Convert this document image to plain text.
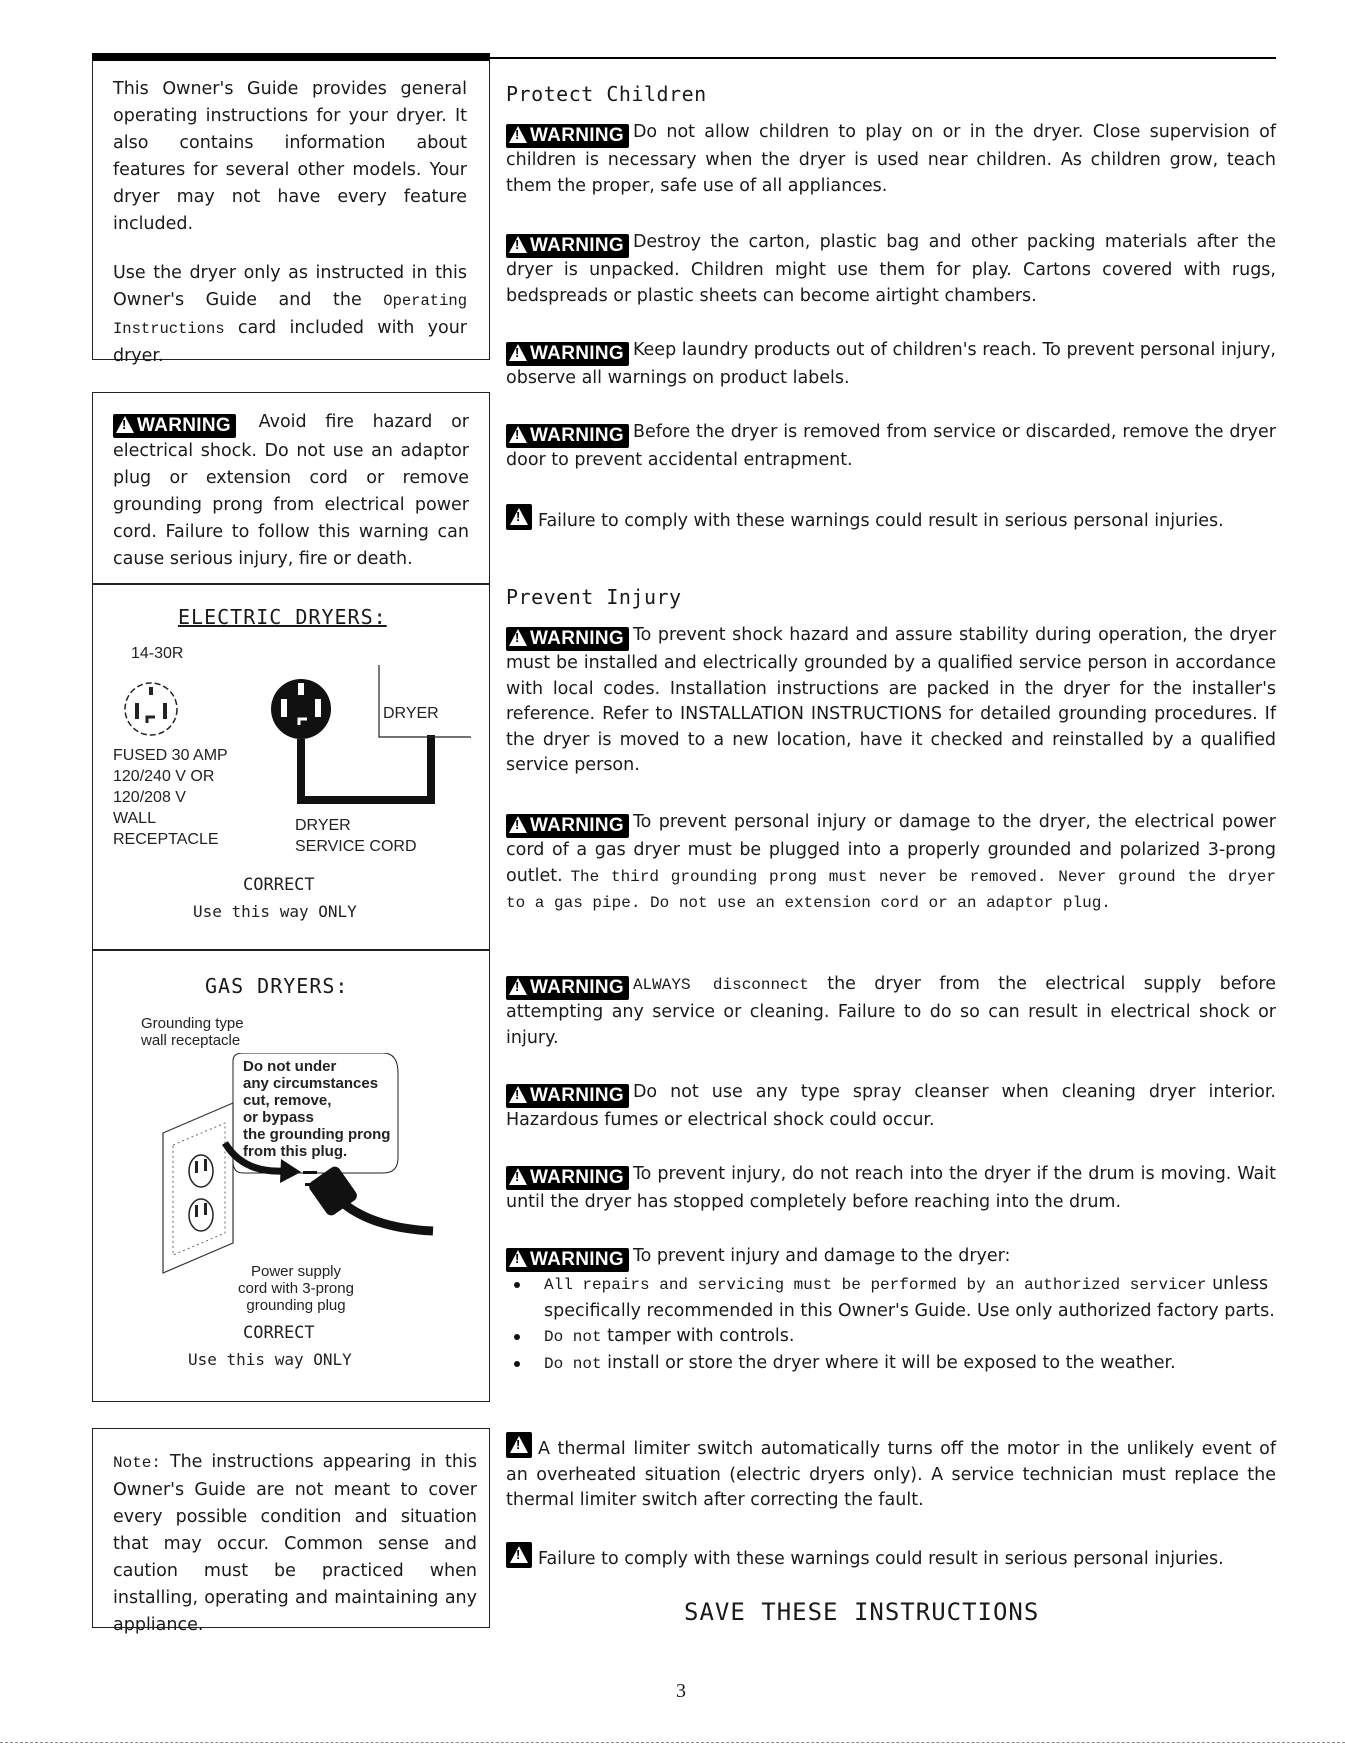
This Owner's Guide provides general operating instructions for your dryer. It also contains information about features for several other models. Your dryer may not have every feature included.

Use the dryer only as instructed in this Owner's Guide and the Operating Instructions card included with your dryer.

!WARNING Avoid fire hazard or electrical shock. Do not use an adaptor plug or extension cord or remove grounding prong from electrical power cord. Failure to follow this warning can cause serious injury, fire or death.

ELECTRIC DRYERS:
14-30R
DRYER
FUSED 30 AMP
120/240 V OR
120/208 V
WALL
RECEPTACLE
DRYER
SERVICE CORD
CORRECT
Use this way ONLY
GAS DRYERS:
Grounding type
wall receptacle
Do not under
any circumstances
cut, remove,
or bypass
the grounding prong
from this plug.
Power supply
cord with 3-prong
grounding plug
CORRECT
Use this way ONLY

Note: The instructions appearing in this Owner's Guide are not meant to cover every possible condition and situation that may occur. Common sense and caution must be practiced when installing, operating and maintaining any appliance.

Protect Children

!WARNING Do not allow children to play on or in the dryer. Close supervision of children is necessary when the dryer is used near children. As children grow, teach them the proper, safe use of all appliances.

!WARNING Destroy the carton, plastic bag and other packing materials after the dryer is unpacked. Children might use them for play. Cartons covered with rugs, bedspreads or plastic sheets can become airtight chambers.

!WARNING Keep laundry products out of children's reach. To prevent personal injury, observe all warnings on product labels.

!WARNING Before the dryer is removed from service or discarded, remove the dryer door to prevent accidental entrapment.

!
Failure to comply with these warnings could result in serious personal injuries.

Prevent Injury

!WARNING To prevent shock hazard and assure stability during operation, the dryer must be installed and electrically grounded by a qualified service person in accordance with local codes. Installation instructions are packed in the dryer for the installer's reference. Refer to INSTALLATION INSTRUCTIONS for detailed grounding procedures. If the dryer is moved to a new location, have it checked and reinstalled by a qualified service person.

!WARNING To prevent personal injury or damage to the dryer, the electrical power cord of a gas dryer must be plugged into a properly grounded and polarized 3-prong outlet. The third grounding prong must never be removed. Never ground the dryer to a gas pipe. Do not use an extension cord or an adaptor plug.

!WARNING ALWAYS disconnect the dryer from the electrical supply before attempting any service or cleaning. Failure to do so can result in electrical shock or injury.

!WARNING Do not use any type spray cleanser when cleaning dryer interior. Hazardous fumes or electrical shock could occur.

!WARNING To prevent injury, do not reach into the dryer if the drum is moving. Wait until the dryer has stopped completely before reaching into the drum.

!WARNING To prevent injury and damage to the dryer:

All repairs and servicing must be performed by an authorized servicer unless specifically recommended in this Owner's Guide. Use only authorized factory parts.

Do not tamper with controls.

Do not install or store the dryer where it will be exposed to the weather.

!
A thermal limiter switch automatically turns off the motor in the unlikely event of an overheated situation (electric dryers only). A service technician must replace the thermal limiter switch after correcting the fault.

!
Failure to comply with these warnings could result in serious personal injuries.

SAVE THESE INSTRUCTIONS
3
